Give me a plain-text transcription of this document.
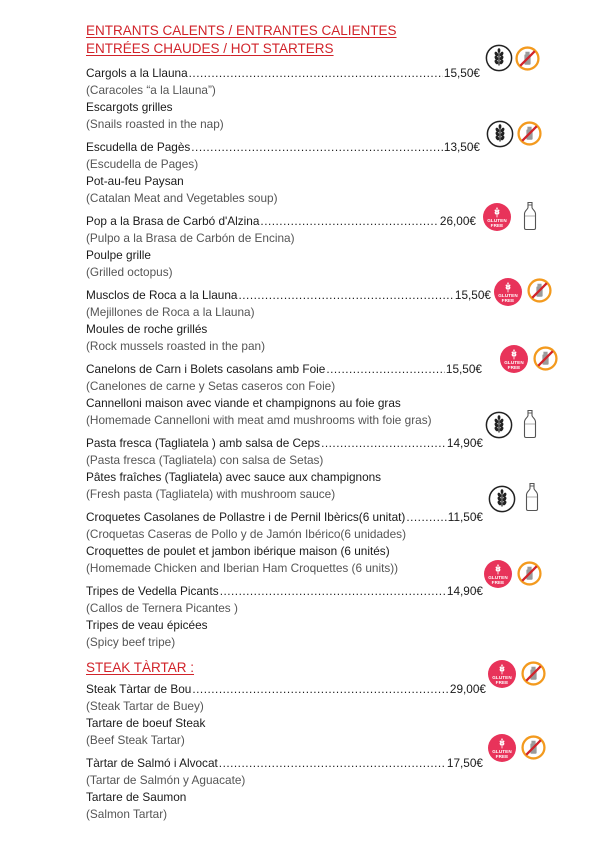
ENTRANTS CALENTS / ENTRANTES CALIENTES
ENTRÉES CHAUDES / HOT STARTERS
Cargols a la Llauna .....	15,50€
(Caracoles “a la Llauna”)
Escargots grilles
(Snails roasted in the nap)
Escudella de Pagès .....	13,50€
(Escudella de Pages)
Pot-au-feu Paysan
(Catalan Meat and Vegetables soup)
Pop a la Brasa de Carbó d'Alzina .....	26,00€
(Pulpo a la Brasa de Carbón de Encina)
Poulpe grille
(Grilled octopus)
GLUTEN
FREE
Musclos de Roca a la Llauna .....	15,50€
(Mejillones de Roca a la Llauna)
Moules de roche grillés
(Rock mussels roasted in the pan)
GLUTEN
FREE
Canelons de Carn i Bolets casolans amb Foie .....	15,50€
(Canelones de carne y Setas caseros con Foie)
Cannelloni maison avec viande et champignons au foie gras
(Homemade Cannelloni with meat amd mushrooms with foie gras)
GLUTEN
FREE
Pasta fresca (Tagliatela ) amb salsa de Ceps .....	14,90€
(Pasta fresca (Tagliatela) con salsa de Setas)
Pâtes fraîches (Tagliatela) avec sauce aux champignons
(Fresh pasta (Tagliatela) with mushroom sauce)
Croquetes Casolanes de Pollastre i de Pernil Ibèrics(6 unitat) .....	11,50€
(Croquetas Caseras de Pollo y de Jamón Ibérico(6 unidades)
Croquettes de poulet et jambon ibérique maison (6 unités)
(Homemade Chicken and Iberian Ham Croquettes (6 units))
Tripes de Vedella Picants .....	14,90€
(Callos de Ternera Picantes )
Tripes de veau épicées
(Spicy beef tripe)
GLUTEN
FREE
STEAK TÀRTAR :
Steak Tàrtar de Bou .....	29,00€
(Steak Tartar de Buey)
Tartare de boeuf Steak
(Beef Steak Tartar)
GLUTEN
FREE
Tàrtar de Salmó i Alvocat .....	17,50€
(Tartar de Salmón y Aguacate)
Tartare de Saumon
(Salmon Tartar)
GLUTEN
FREE
